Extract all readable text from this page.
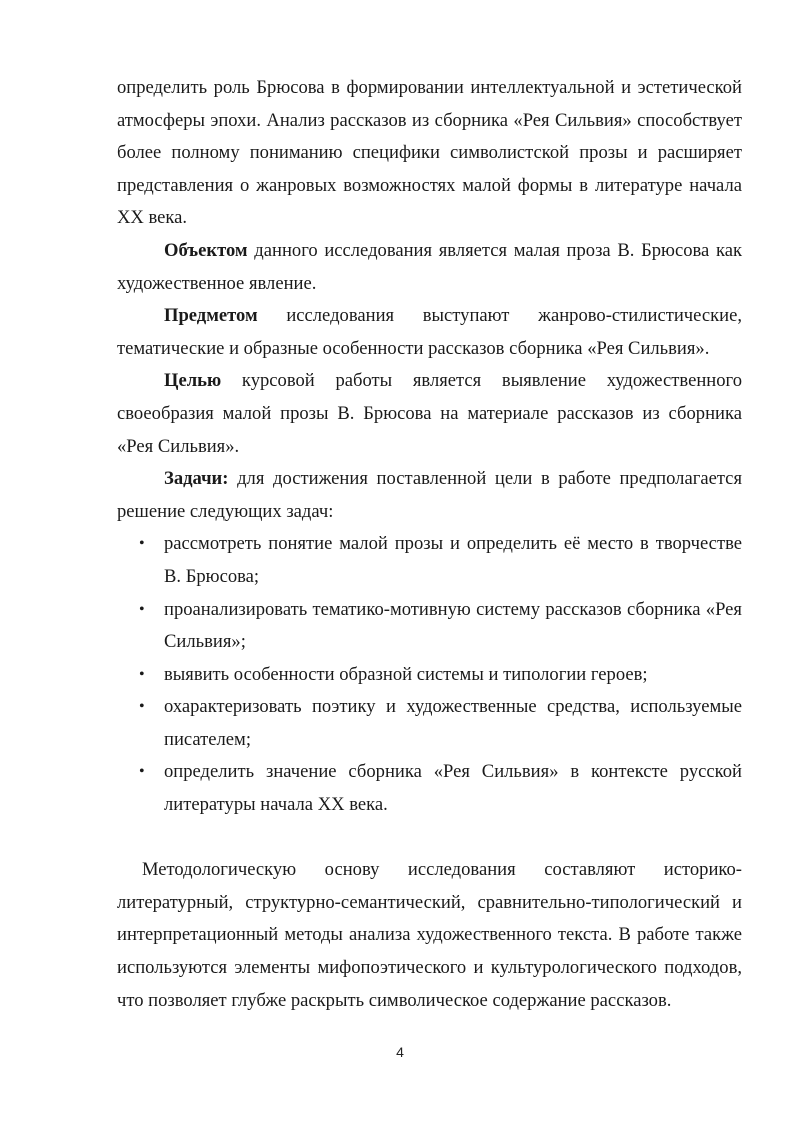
определить роль Брюсова в формировании интеллектуальной и эстетической атмосферы эпохи. Анализ рассказов из сборника «Рея Сильвия» способствует более полному пониманию специфики символистской прозы и расширяет представления о жанровых возможностях малой формы в литературе начала XX века.

Объектом данного исследования является малая проза В. Брюсова как художественное явление.

Предметом исследования выступают жанрово-стилистические, тематические и образные особенности рассказов сборника «Рея Сильвия».

Целью курсовой работы является выявление художественного своеобразия малой прозы В. Брюсова на материале рассказов из сборника «Рея Сильвия».

Задачи: для достижения поставленной цели в работе предполагается решение следующих задач:

• рассмотреть понятие малой прозы и определить её место в творчестве В. Брюсова;
• проанализировать тематико-мотивную систему рассказов сборника «Рея Сильвия»;
• выявить особенности образной системы и типологии героев;
• охарактеризовать поэтику и художественные средства, используемые писателем;
• определить значение сборника «Рея Сильвия» в контексте русской литературы начала XX века.

Методологическую основу исследования составляют историко-литературный, структурно-семантический, сравнительно-типологический и интерпретационный методы анализа художественного текста. В работе также используются элементы мифопоэтического и культурологического подходов, что позволяет глубже раскрыть символическое содержание рассказов.

4
